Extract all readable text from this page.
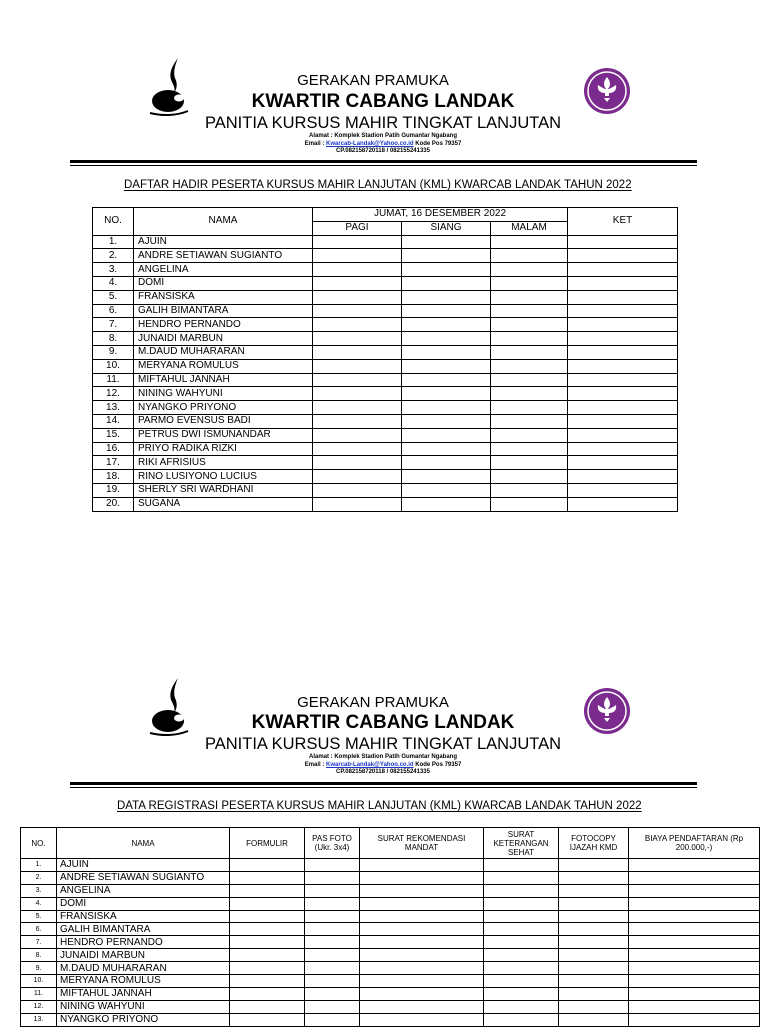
GERAKAN PRAMUKA
KWARTIR CABANG LANDAK
PANITIA KURSUS MAHIR TINGKAT LANJUTAN
Alamat : Komplek Stadion Patih Gumantar Ngabang
Email : Kwarcab-Landak@Yahoo.co.id Kode Pos 79357
CP.082158720118 / 082155241335
DAFTAR HADIR PESERTA KURSUS MAHIR LANJUTAN (KML) KWARCAB LANDAK TAHUN 2022
NO.	NAMA	JUMAT, 16 DESEMBER 2022			KET
		PAGI	SIANG	MALAM	
1.	AJUIN				
2.	ANDRE SETIAWAN SUGIANTO				
3.	ANGELINA				
4.	DOMI				
5.	FRANSISKA				
6.	GALIH BIMANTARA				
7.	HENDRO PERNANDO				
8.	JUNAIDI MARBUN				
9.	M.DAUD MUHARARAN				
10.	MERYANA ROMULUS				
11.	MIFTAHUL JANNAH				
12.	NINING WAHYUNI				
13.	NYANGKO PRIYONO				
14.	PARMO EVENSUS BADI				
15.	PETRUS DWI ISMUNANDAR				
16.	PRIYO RADIKA RIZKI				
17.	RIKI AFRISIUS				
18.	RINO LUSIYONO LUCIUS				
19.	SHERLY SRI WARDHANI				
20.	SUGANA				
GERAKAN PRAMUKA
KWARTIR CABANG LANDAK
PANITIA KURSUS MAHIR TINGKAT LANJUTAN
Alamat : Komplek Stadion Patih Gumantar Ngabang
Email : Kwarcab-Landak@Yahoo.co.id Kode Pos 79357
CP.082158720118 / 082155241335
DATA REGISTRASI PESERTA KURSUS MAHIR LANJUTAN (KML) KWARCAB LANDAK TAHUN 2022
NO.	NAMA	FORMULIR	PAS FOTO (Ukr. 3x4)	SURAT REKOMENDASI MANDAT	SURAT KETERANGAN SEHAT	FOTOCOPY IJAZAH KMD	BIAYA PENDAFTARAN (Rp 200.000,-)
1.	AJUIN						
2.	ANDRE SETIAWAN SUGIANTO						
3.	ANGELINA						
4.	DOMI						
5.	FRANSISKA						
6.	GALIH BIMANTARA						
7.	HENDRO PERNANDO						
8.	JUNAIDI MARBUN						
9.	M.DAUD MUHARARAN						
10.	MERYANA ROMULUS						
11.	MIFTAHUL JANNAH						
12.	NINING WAHYUNI						
13.	NYANGKO PRIYONO						
